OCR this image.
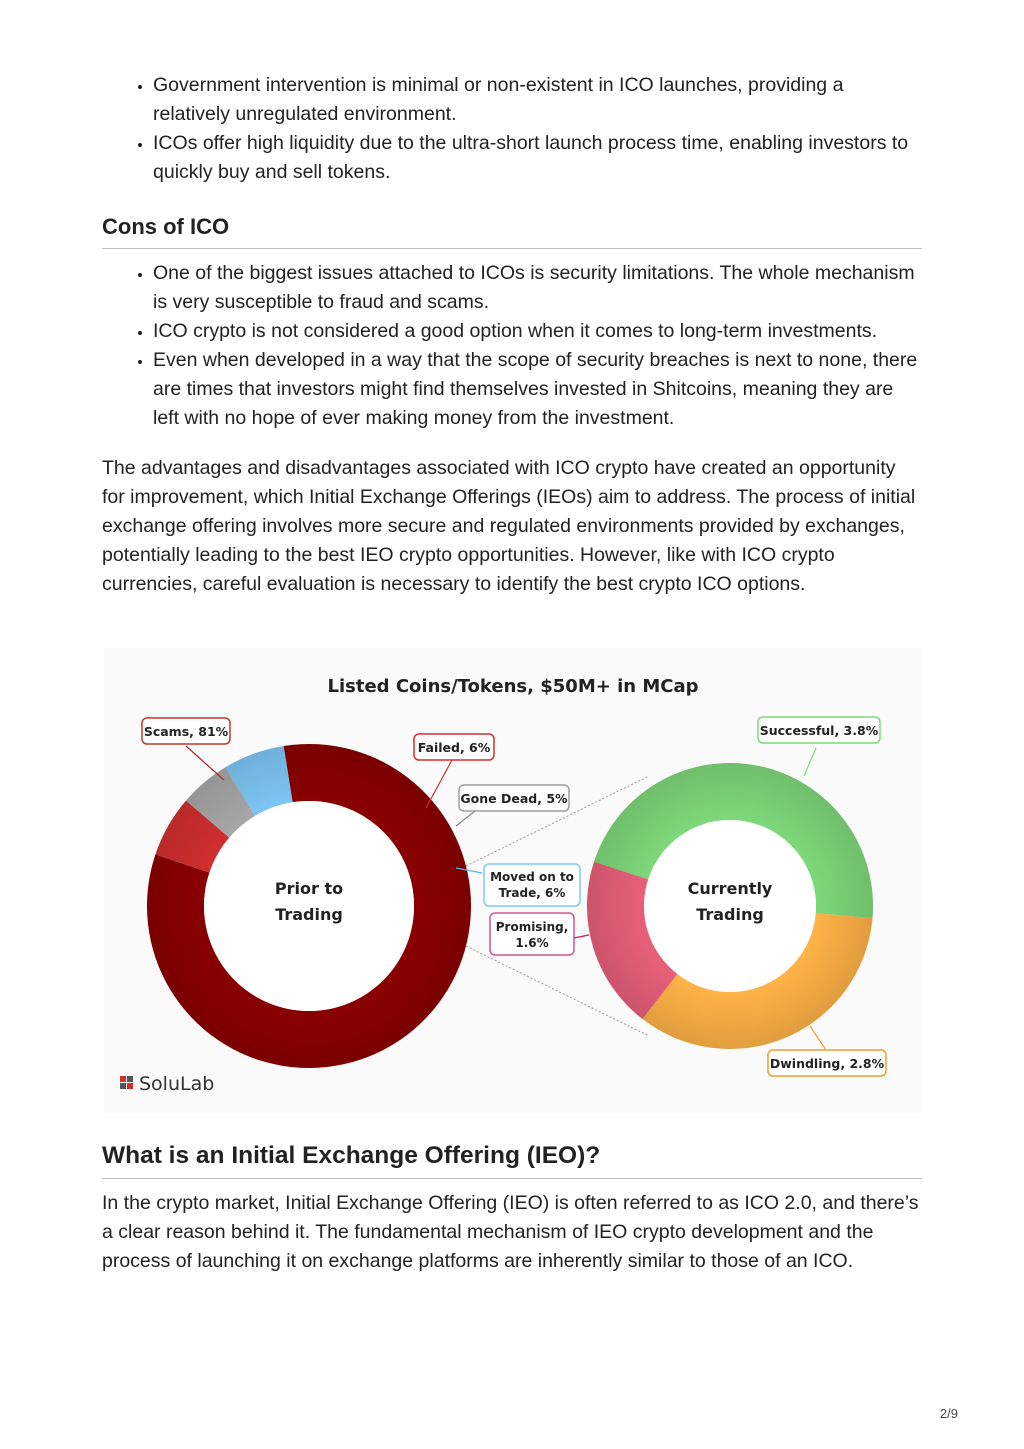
• Government intervention is minimal or non-existent in ICO launches, providing a relatively unregulated environment.
• ICOs offer high liquidity due to the ultra-short launch process time, enabling investors to quickly buy and sell tokens.
Cons of ICO
• One of the biggest issues attached to ICOs is security limitations. The whole mechanism is very susceptible to fraud and scams.
• ICO crypto is not considered a good option when it comes to long-term investments.
• Even when developed in a way that the scope of security breaches is next to none, there are times that investors might find themselves invested in Shitcoins, meaning they are left with no hope of ever making money from the investment.

The advantages and disadvantages associated with ICO crypto have created an opportunity for improvement, which Initial Exchange Offerings (IEOs) aim to address. The process of initial exchange offering involves more secure and regulated environments provided by exchanges, potentially leading to the best IEO crypto opportunities. However, like with ICO crypto currencies, careful evaluation is necessary to identify the best crypto ICO options.

Listed Coins/Tokens, $50M+ in MCap
Prior to
Trading
Currently
Trading
Scams, 81%
Failed, 6%
Gone Dead, 5%
Moved on to
Trade, 6%
Promising,
1.6%
Successful, 3.8%
Dwindling, 2.8%
SoluLab
What is an Initial Exchange Offering (IEO)?

In the crypto market, Initial Exchange Offering (IEO) is often referred to as ICO 2.0, and there’s a clear reason behind it. The fundamental mechanism of IEO crypto development and the process of launching it on exchange platforms are inherently similar to those of an ICO.

2/9
